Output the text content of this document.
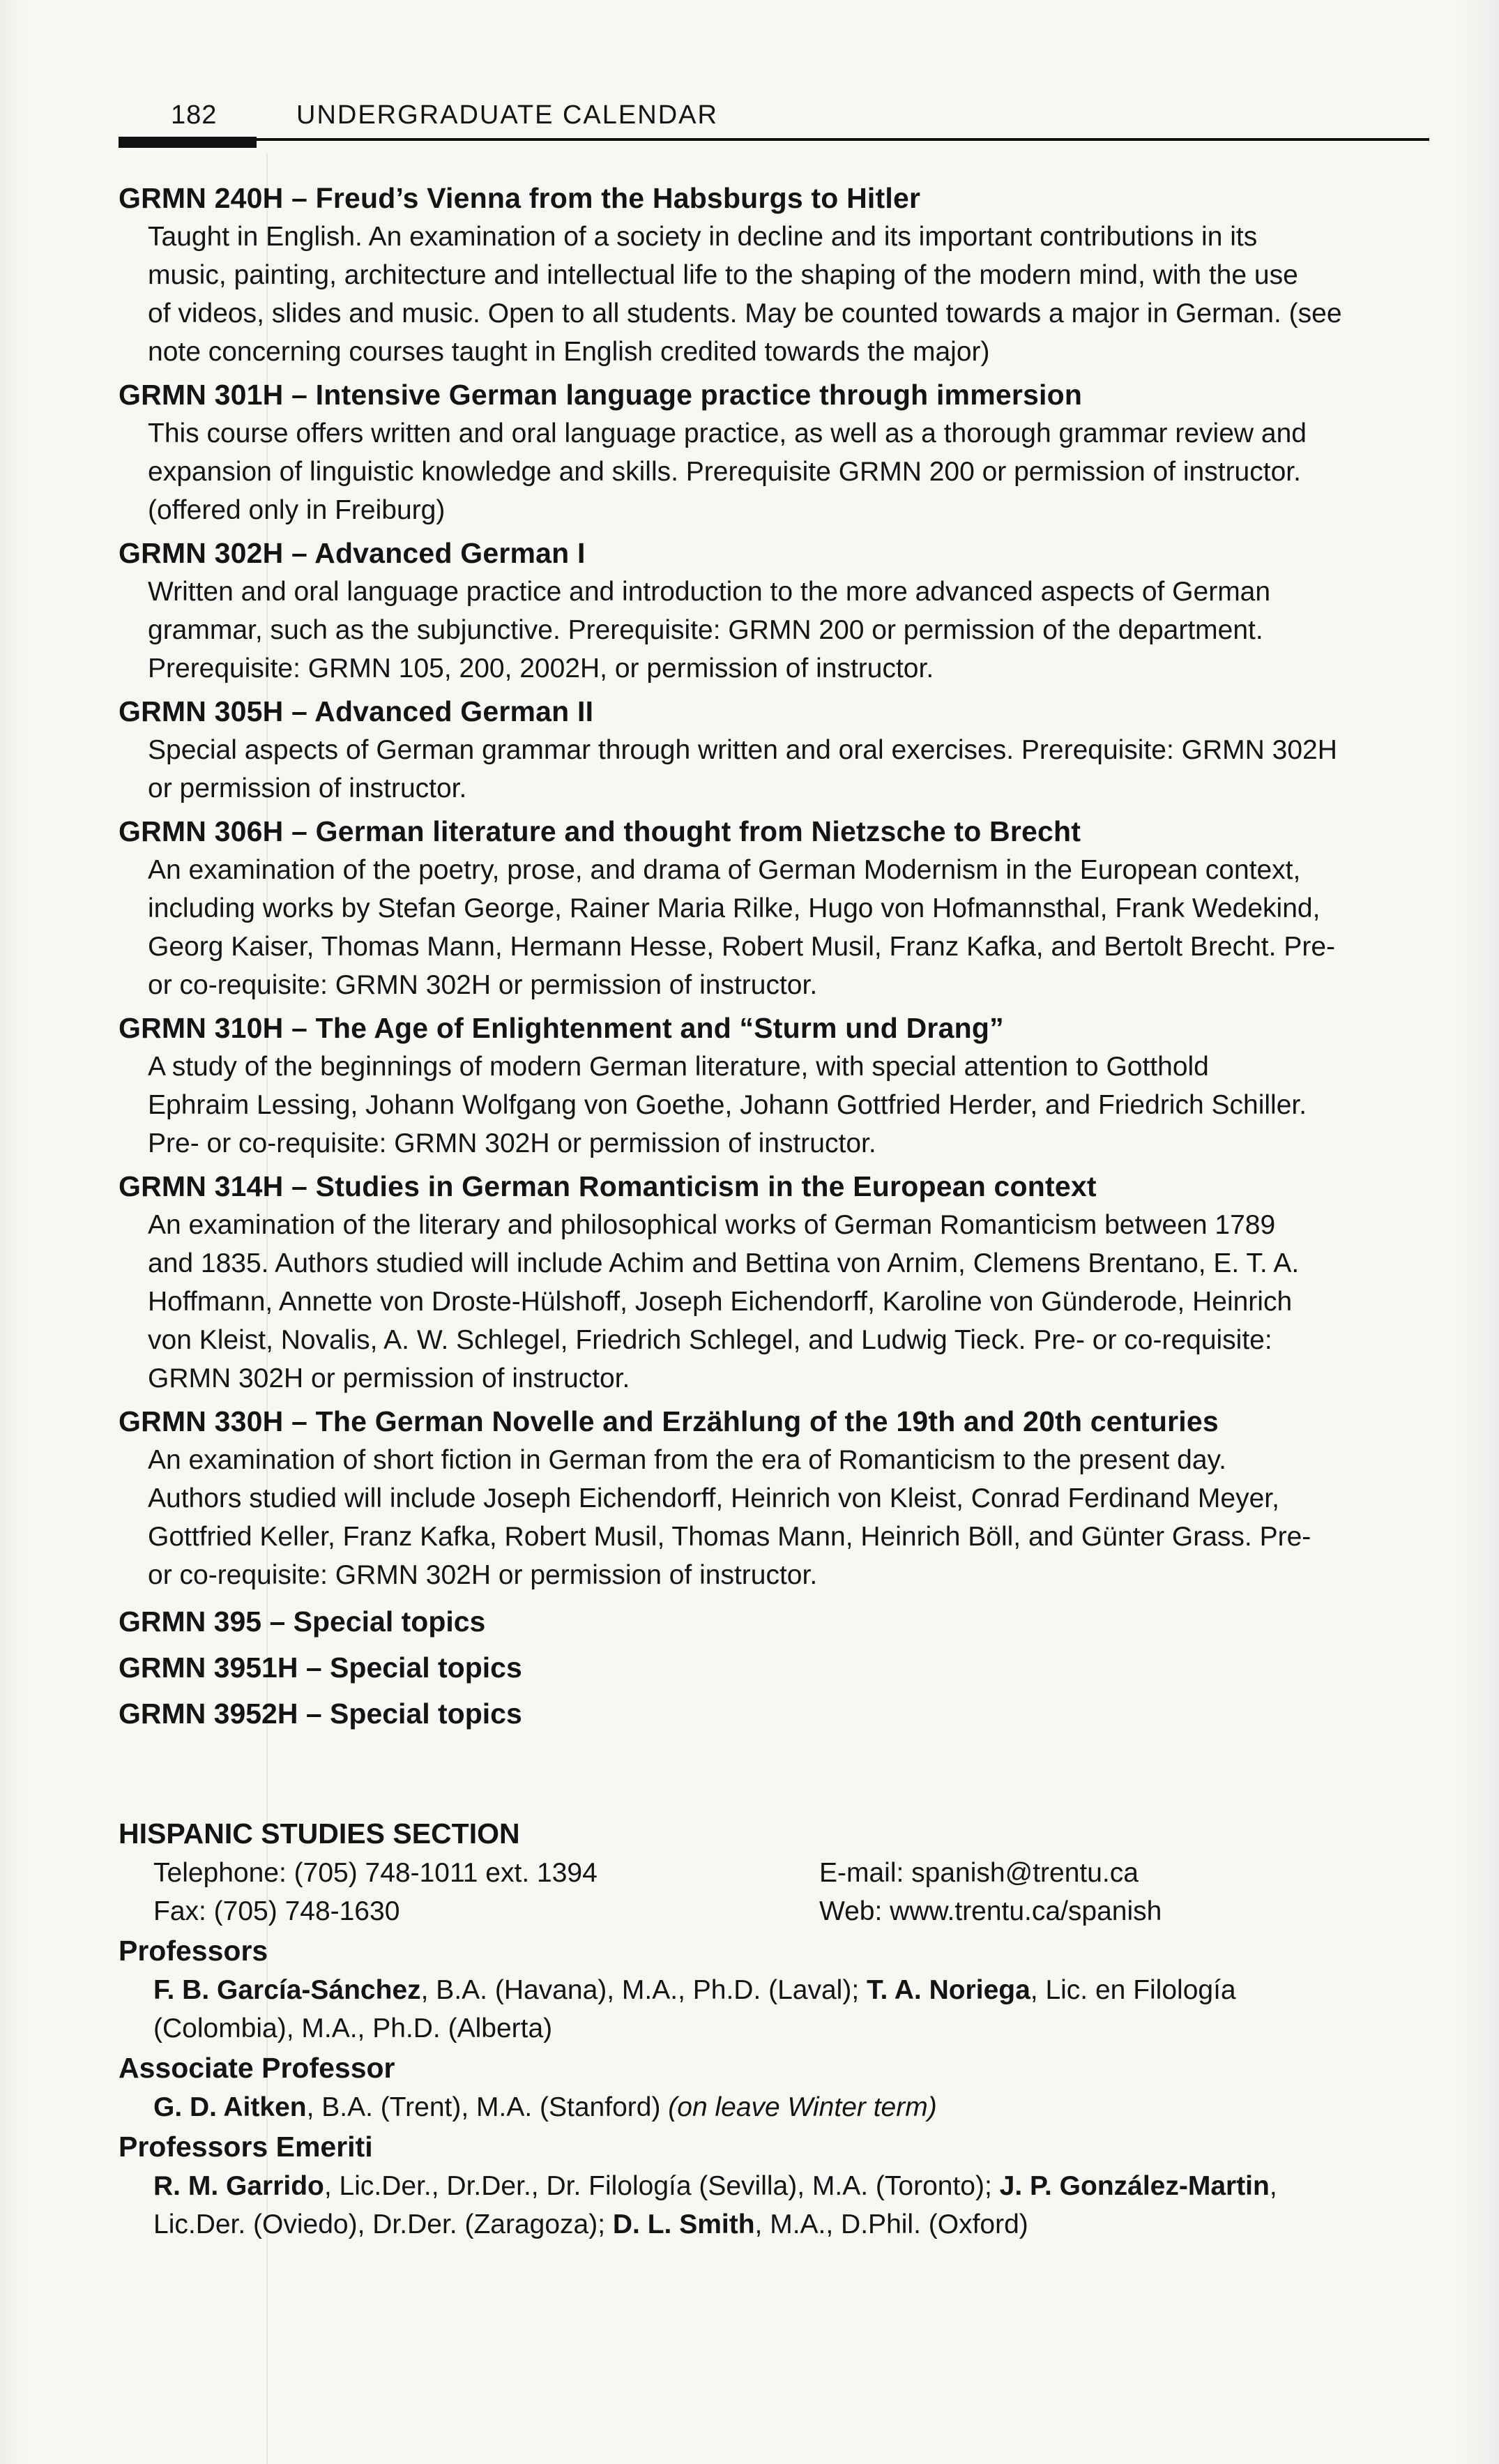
182	UNDERGRADUATE CALENDAR
GRMN 240H – Freud’s Vienna from the Habsburgs to Hitler
Taught in English. An examination of a society in decline and its important contributions in its
music, painting, architecture and intellectual life to the shaping of the modern mind, with the use
of videos, slides and music. Open to all students. May be counted towards a major in German. (see
note concerning courses taught in English credited towards the major)
GRMN 301H – Intensive German language practice through immersion
This course offers written and oral language practice, as well as a thorough grammar review and
expansion of linguistic knowledge and skills. Prerequisite GRMN 200 or permission of instructor.
(offered only in Freiburg)
GRMN 302H – Advanced German I
Written and oral language practice and introduction to the more advanced aspects of German
grammar, such as the subjunctive. Prerequisite: GRMN 200 or permission of the department.
Prerequisite: GRMN 105, 200, 2002H, or permission of instructor.
GRMN 305H – Advanced German II
Special aspects of German grammar through written and oral exercises. Prerequisite: GRMN 302H
or permission of instructor.
GRMN 306H – German literature and thought from Nietzsche to Brecht
An examination of the poetry, prose, and drama of German Modernism in the European context,
including works by Stefan George, Rainer Maria Rilke, Hugo von Hofmannsthal, Frank Wedekind,
Georg Kaiser, Thomas Mann, Hermann Hesse, Robert Musil, Franz Kafka, and Bertolt Brecht. Pre-
or co-requisite: GRMN 302H or permission of instructor.
GRMN 310H – The Age of Enlightenment and “Sturm und Drang”
A study of the beginnings of modern German literature, with special attention to Gotthold
Ephraim Lessing, Johann Wolfgang von Goethe, Johann Gottfried Herder, and Friedrich Schiller.
Pre- or co-requisite: GRMN 302H or permission of instructor.
GRMN 314H – Studies in German Romanticism in the European context
An examination of the literary and philosophical works of German Romanticism between 1789
and 1835. Authors studied will include Achim and Bettina von Arnim, Clemens Brentano, E. T. A.
Hoffmann, Annette von Droste-Hülshoff, Joseph Eichendorff, Karoline von Günderode, Heinrich
von Kleist, Novalis, A. W. Schlegel, Friedrich Schlegel, and Ludwig Tieck. Pre- or co-requisite:
GRMN 302H or permission of instructor.
GRMN 330H – The German Novelle and Erzählung of the 19th and 20th centuries
An examination of short fiction in German from the era of Romanticism to the present day.
Authors studied will include Joseph Eichendorff, Heinrich von Kleist, Conrad Ferdinand Meyer,
Gottfried Keller, Franz Kafka, Robert Musil, Thomas Mann, Heinrich Böll, and Günter Grass. Pre-
or co-requisite: GRMN 302H or permission of instructor.
GRMN 395 – Special topics
GRMN 3951H – Special topics
GRMN 3952H – Special topics
HISPANIC STUDIES SECTION
Telephone: (705) 748-1011 ext. 1394
Fax: (705) 748-1630
E-mail: spanish@trentu.ca
Web: www.trentu.ca/spanish
Professors
F. B. García-Sánchez, B.A. (Havana), M.A., Ph.D. (Laval); T. A. Noriega, Lic. en Filología
(Colombia), M.A., Ph.D. (Alberta)
Associate Professor
G. D. Aitken, B.A. (Trent), M.A. (Stanford) (on leave Winter term)
Professors Emeriti
R. M. Garrido, Lic.Der., Dr.Der., Dr. Filología (Sevilla), M.A. (Toronto); J. P. González-Martin,
Lic.Der. (Oviedo), Dr.Der. (Zaragoza); D. L. Smith, M.A., D.Phil. (Oxford)
